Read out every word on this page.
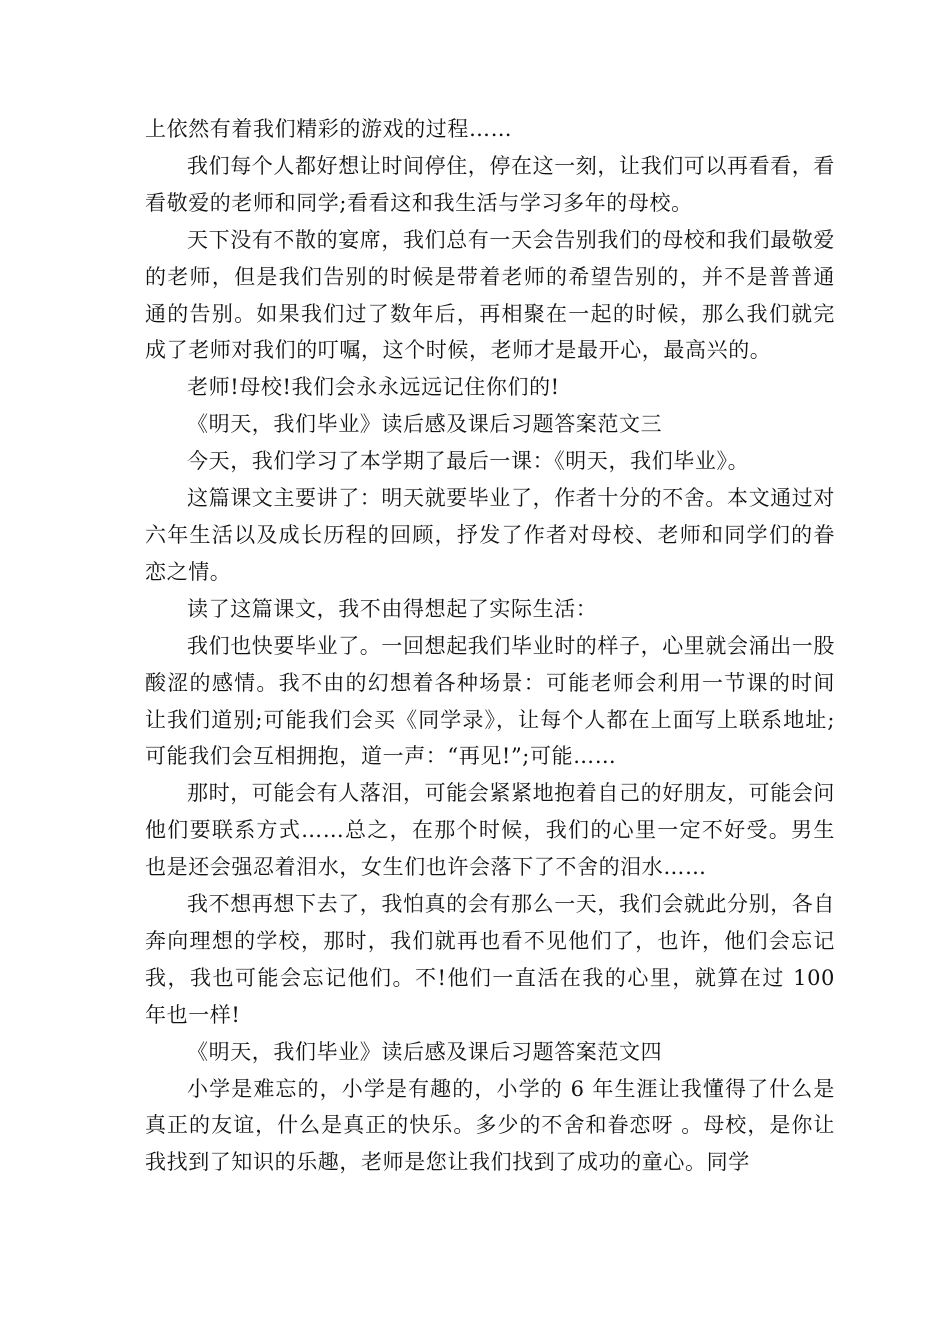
上依然有着我们精彩的游戏的过程……

我们每个人都好想让时间停住，停在这一刻，让我们可以再看看，看看敬爱的老师和同学;看看这和我生活与学习多年的母校。

天下没有不散的宴席，我们总有一天会告别我们的母校和我们最敬爱的老师，但是我们告别的时候是带着老师的希望告别的，并不是普普通通的告别。如果我们过了数年后，再相聚在一起的时候，那么我们就完成了老师对我们的叮嘱，这个时候，老师才是最开心，最高兴的。

老师!母校!我们会永永远远记住你们的!

《明天，我们毕业》读后感及课后习题答案范文三

今天，我们学习了本学期了最后一课：《明天，我们毕业》。

这篇课文主要讲了：明天就要毕业了，作者十分的不舍。本文通过对六年生活以及成长历程的回顾，抒发了作者对母校、老师和同学们的眷恋之情。

读了这篇课文，我不由得想起了实际生活：

我们也快要毕业了。一回想起我们毕业时的样子，心里就会涌出一股酸涩的感情。我不由的幻想着各种场景：可能老师会利用一节课的时间让我们道别;可能我们会买《同学录》，让每个人都在上面写上联系地址;可能我们会互相拥抱，道一声：“再见!”;可能……

那时，可能会有人落泪，可能会紧紧地抱着自己的好朋友，可能会问他们要联系方式……总之，在那个时候，我们的心里一定不好受。男生也是还会强忍着泪水，女生们也许会落下了不舍的泪水……

我不想再想下去了，我怕真的会有那么一天，我们会就此分别，各自奔向理想的学校，那时，我们就再也看不见他们了，也许，他们会忘记我，我也可能会忘记他们。不!他们一直活在我的心里，就算在过 100 年也一样!

《明天，我们毕业》读后感及课后习题答案范文四

小学是难忘的，小学是有趣的，小学的 6 年生涯让我懂得了什么是真正的友谊，什么是真正的快乐。多少的不舍和眷恋呀 。母校，是你让我找到了知识的乐趣，老师是您让我们找到了成功的童心。同学
